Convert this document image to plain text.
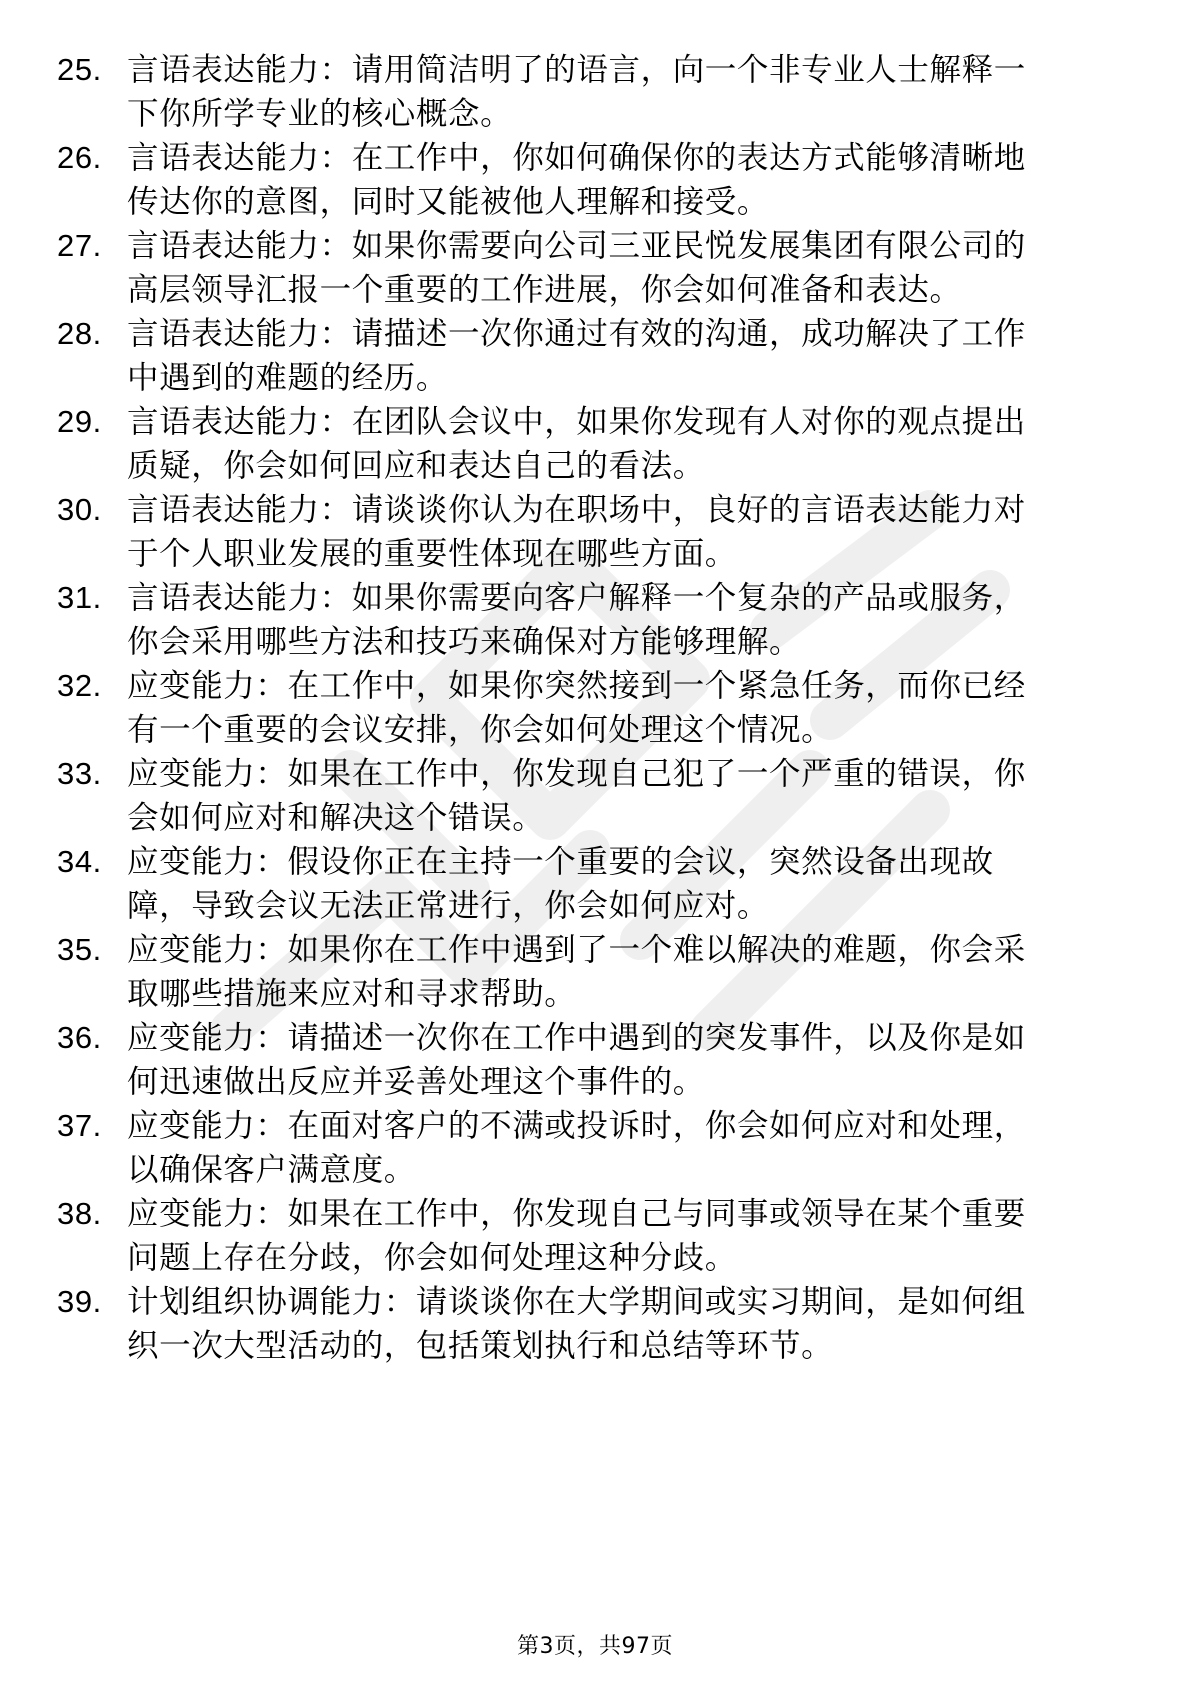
25. 言语表达能力：请用简洁明了的语言，向一个非专业人士解释一
下你所学专业的核心概念。
26. 言语表达能力：在工作中，你如何确保你的表达方式能够清晰地
传达你的意图，同时又能被他人理解和接受。
27. 言语表达能力：如果你需要向公司三亚民悦发展集团有限公司的
高层领导汇报一个重要的工作进展，你会如何准备和表达。
28. 言语表达能力：请描述一次你通过有效的沟通，成功解决了工作
中遇到的难题的经历。
29. 言语表达能力：在团队会议中，如果你发现有人对你的观点提出
质疑，你会如何回应和表达自己的看法。
30. 言语表达能力：请谈谈你认为在职场中，良好的言语表达能力对
于个人职业发展的重要性体现在哪些方面。
31. 言语表达能力：如果你需要向客户解释一个复杂的产品或服务，
你会采用哪些方法和技巧来确保对方能够理解。
32. 应变能力：在工作中，如果你突然接到一个紧急任务，而你已经
有一个重要的会议安排，你会如何处理这个情况。
33. 应变能力：如果在工作中，你发现自己犯了一个严重的错误，你
会如何应对和解决这个错误。
34. 应变能力：假设你正在主持一个重要的会议，突然设备出现故
障，导致会议无法正常进行，你会如何应对。
35. 应变能力：如果你在工作中遇到了一个难以解决的难题，你会采
取哪些措施来应对和寻求帮助。
36. 应变能力：请描述一次你在工作中遇到的突发事件，以及你是如
何迅速做出反应并妥善处理这个事件的。
37. 应变能力：在面对客户的不满或投诉时，你会如何应对和处理，
以确保客户满意度。
38. 应变能力：如果在工作中，你发现自己与同事或领导在某个重要
问题上存在分歧，你会如何处理这种分歧。
39. 计划组织协调能力：请谈谈你在大学期间或实习期间，是如何组
织一次大型活动的，包括策划执行和总结等环节。
第3页，共97页
